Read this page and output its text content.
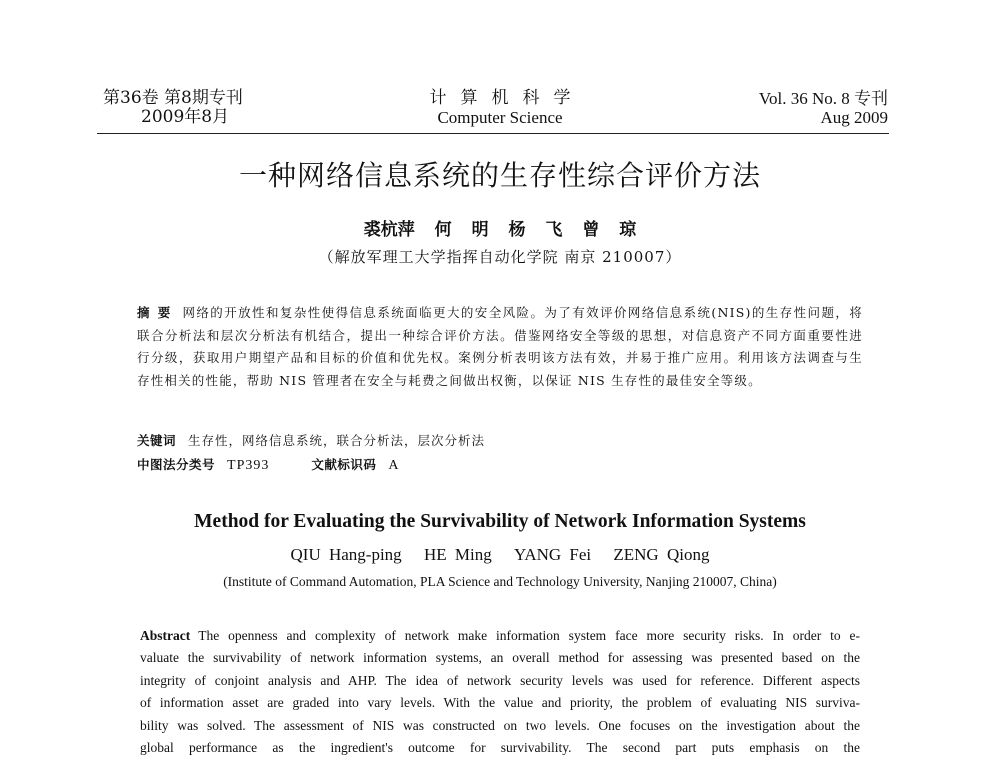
第36卷 第8期专刊
2009年8月
计算机科学
Computer Science
Vol. 36 No. 8 专刊
Aug 2009
一种网络信息系统的生存性综合评价方法
裘杭萍 何 明 杨 飞 曾 琼
（解放军理工大学指挥自动化学院 南京 210007）
摘要 网络的开放性和复杂性使得信息系统面临更大的安全风险。为了有效评价网络信息系统(NIS)的生存性问题，将联合分析法和层次分析法有机结合，提出一种综合评价方法。借鉴网络安全等级的思想，对信息资产不同方面重要性进行分级，获取用户期望产品和目标的价值和优先权。案例分析表明该方法有效，并易于推广应用。利用该方法调查与生存性相关的性能，帮助 NIS 管理者在安全与耗费之间做出权衡，以保证 NIS 生存性的最佳安全等级。
关键词 生存性，网络信息系统，联合分析法，层次分析法
中图法分类号 TP393	文献标识码 A
Method for Evaluating the Survivability of Network Information Systems
QIU Hang-ping HE Ming YANG Fei ZENG Qiong
(Institute of Command Automation, PLA Science and Technology University, Nanjing 210007, China)
Abstract The openness and complexity of network make information system face more security risks. In order to e-
valuate the survivability of network information systems, an overall method for assessing was presented based on the
integrity of conjoint analysis and AHP. The idea of network security levels was used for reference. Different aspects
of information asset are graded into vary levels. With the value and priority, the problem of evaluating NIS surviva-
bility was solved. The assessment of NIS was constructed on two levels. One focuses on the investigation about the
global performance as the ingredient's outcome for survivability. The second part puts emphasis on the
